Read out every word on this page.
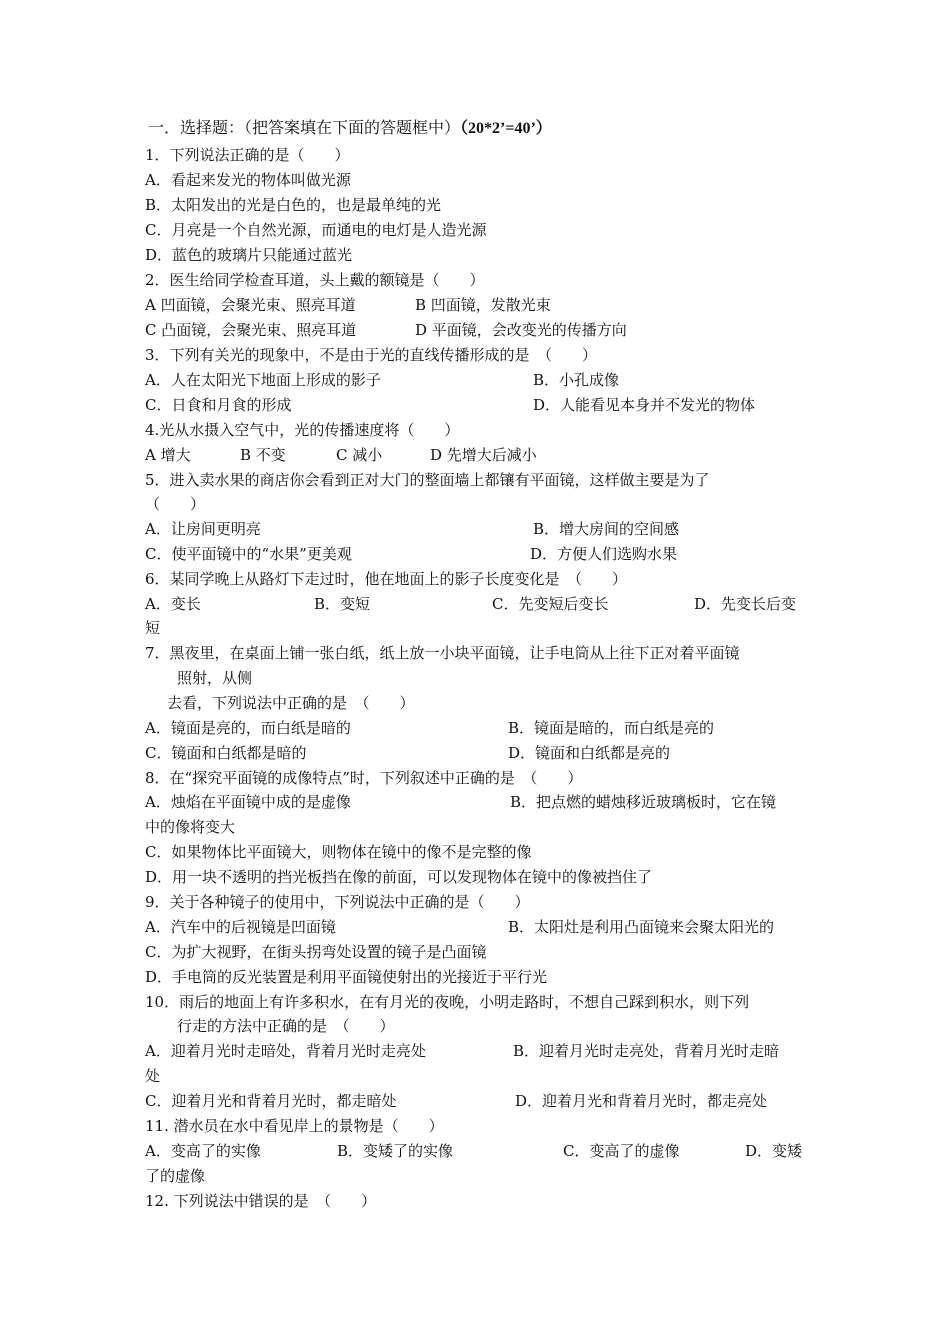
一．选择题：（把答案填在下面的答题框中）（20*2’=40’）
1．下列说法正确的是（　　）
A．看起来发光的物体叫做光源
B．太阳发出的光是白色的，也是最单纯的光
C．月亮是一个自然光源，而通电的电灯是人造光源
D．蓝色的玻璃片只能通过蓝光
2．医生给同学检查耳道，头上戴的额镜是（　　）
A 凹面镜，会聚光束、照亮耳道	B 凹面镜，发散光束
C 凸面镜，会聚光束、照亮耳道	D 平面镜，会改变光的传播方向
3．下列有关光的现象中，不是由于光的直线传播形成的是　（　　）
A．人在太阳光下地面上形成的影子	B．小孔成像
C．日食和月食的形成	D．人能看见本身并不发光的物体
4.光从水摄入空气中，光的传播速度将（　　）
A 增大	B 不变	C 减小	D 先增大后减小
5．进入卖水果的商店你会看到正对大门的整面墙上都镶有平面镜，这样做主要是为了
（　　）
A．让房间更明亮	B．增大房间的空间感
C．使平面镜中的“水果”更美观	D．方便人们选购水果
6．某同学晚上从路灯下走过时，他在地面上的影子长度变化是　（　　）
A．变长	B．变短	C．先变短后变长	D．先变长后变
短
7．黑夜里，在桌面上铺一张白纸，纸上放一小块平面镜，让手电筒从上往下正对着平面镜
照射，从侧
去看，下列说法中正确的是　（　　）
A．镜面是亮的，而白纸是暗的	B．镜面是暗的，而白纸是亮的
C．镜面和白纸都是暗的	D．镜面和白纸都是亮的
8．在“探究平面镜的成像特点”时，下列叙述中正确的是　（　　）
A．烛焰在平面镜中成的是虚像	B．把点燃的蜡烛移近玻璃板时，它在镜
中的像将变大
C．如果物体比平面镜大，则物体在镜中的像不是完整的像
D．用一块不透明的挡光板挡在像的前面，可以发现物体在镜中的像被挡住了
9．关于各种镜子的使用中，下列说法中正确的是（　　）
A．汽车中的后视镜是凹面镜	B．太阳灶是利用凸面镜来会聚太阳光的
C．为扩大视野，在街头拐弯处设置的镜子是凸面镜
D．手电筒的反光装置是利用平面镜使射出的光接近于平行光
10．雨后的地面上有许多积水，在有月光的夜晚，小明走路时，不想自己踩到积水，则下列
行走的方法中正确的是　（　　）
A．迎着月光时走暗处，背着月光时走亮处	B．迎着月光时走亮处，背着月光时走暗
处
C．迎着月光和背着月光时，都走暗处	D．迎着月光和背着月光时，都走亮处
11. 潜水员在水中看见岸上的景物是（　　）
A．变高了的实像	B．变矮了的实像	C．变高了的虚像	D．变矮
了的虚像
12. 下列说法中错误的是　（　　）
